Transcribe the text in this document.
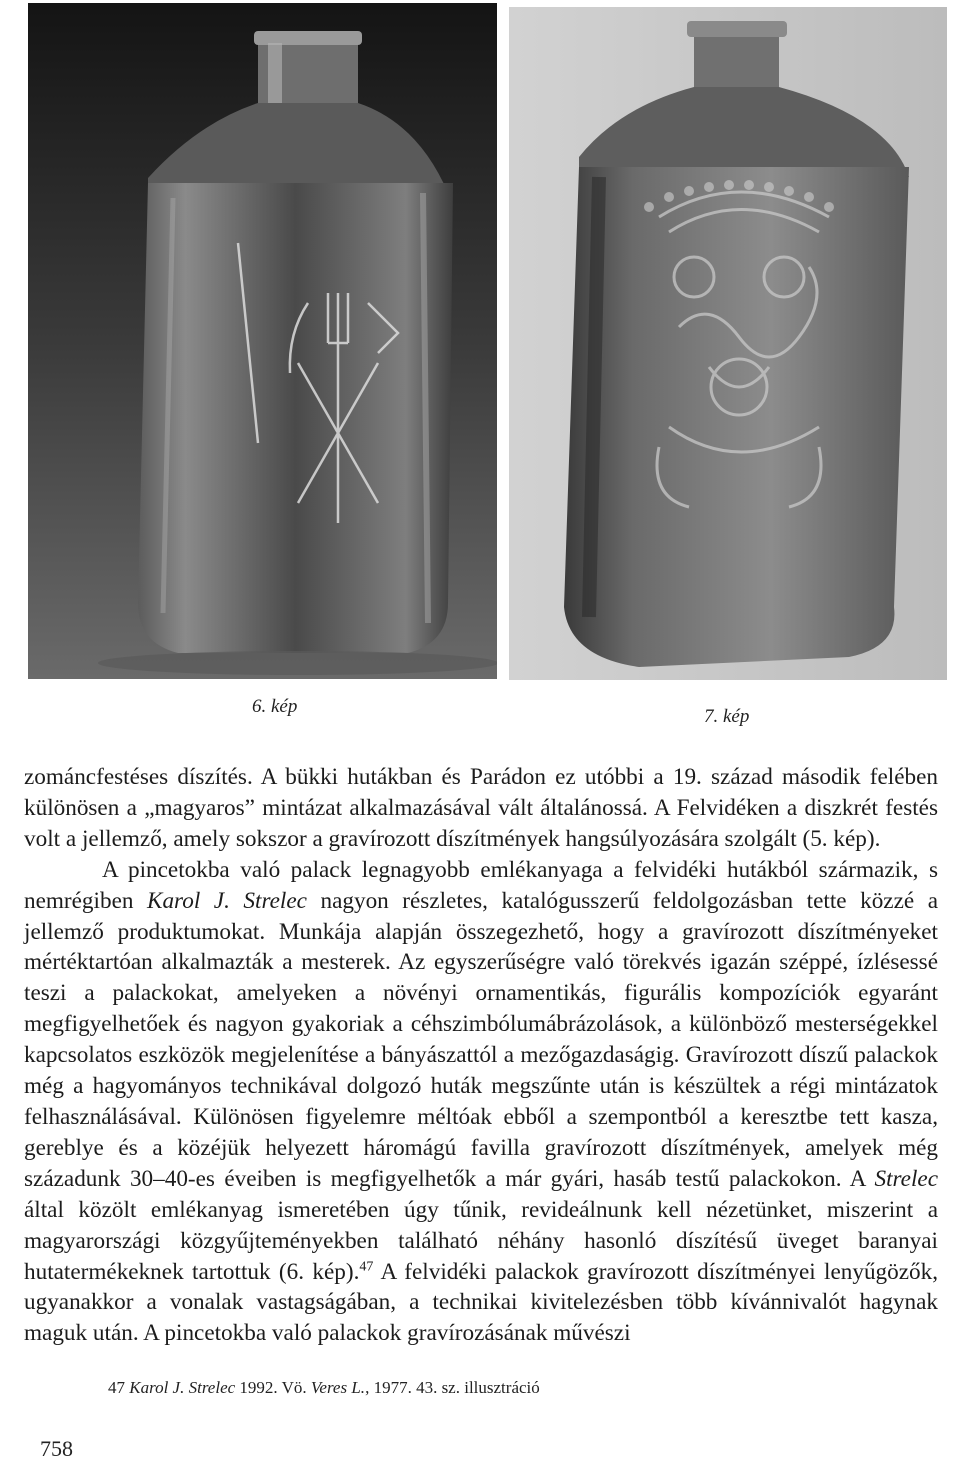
6. kép	7. kép

zománcfestéses díszítés. A bükki hutákban és Parádon ez utóbbi a 19. század második felében különösen a „magyaros” mintázat alkalmazásával vált általánossá. A Felvidéken a diszkrét festés volt a jellemző, amely sokszor a gravírozott díszítmények hangsúlyozására szolgált (5. kép).

A pincetokba való palack legnagyobb emlékanyaga a felvidéki hutákból származik, s nemrégiben Karol J. Strelec nagyon részletes, katalógusszerű feldolgozásban tette közzé a jellemző produktumokat. Munkája alapján összegezhető, hogy a gravírozott díszítményeket mértéktartóan alkalmazták a mesterek. Az egyszerűségre való törekvés igazán széppé, ízlésessé teszi a palackokat, amelyeken a növényi ornamentikás, figurális kompozíciók egyaránt megfigyelhetőek és nagyon gyakoriak a céhszimbólumábrázolások, a különböző mesterségekkel kapcsolatos eszközök megjelenítése a bányászattól a mezőgazdaságig. Gravírozott díszű palackok még a hagyományos technikával dolgozó huták megszűnte után is készültek a régi mintázatok felhasználásával. Különösen figyelemre méltóak ebből a szempontból a keresztbe tett kasza, gereblye és a közéjük helyezett háromágú favilla gravírozott díszítmények, amelyek még századunk 30–40-es éveiben is megfigyelhetők a már gyári, hasáb testű palackokon. A Strelec által közölt emlékanyag ismeretében úgy tűnik, revideálnunk kell nézetünket, miszerint a magyarországi közgyűjteményekben található néhány hasonló díszítésű üveget baranyai hutatermékeknek tartottuk (6. kép).$^{47}$ A felvidéki palackok gravírozott díszítményei lenyűgözők, ugyanakkor a vonalak vastagságában, a technikai kivitelezésben több kívánnivalót hagynak maguk után. A pincetokba való palackok gravírozásának művészi

47 Karol J. Strelec 1992. Vö. Veres L., 1977. 43. sz. illusztráció
758
